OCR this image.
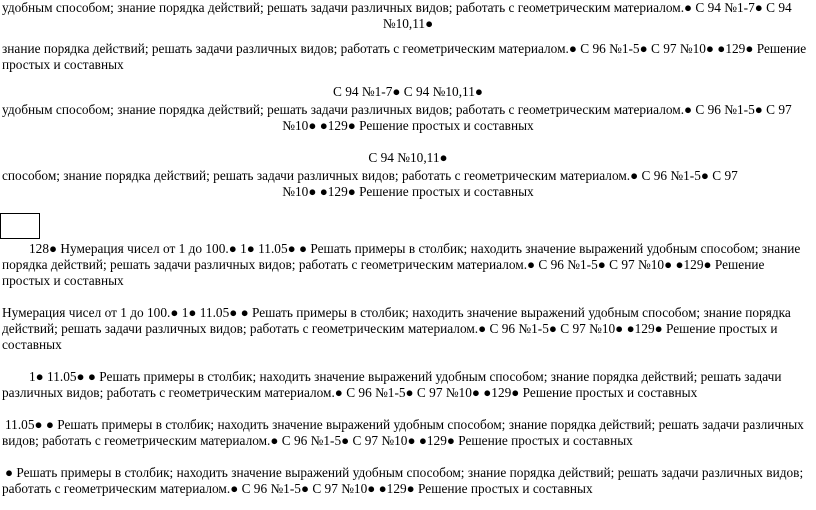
удобным способом; знание порядка действий; решать задачи различных видов; работать с геометрическим материалом.● С 94 №1-7● С 94
№10,11●
знание порядка действий; решать задачи различных видов; работать с геометрическим материалом.● С 96 №1-5● С 97 №10● ●129● Решение
простых и составных
С 94 №1-7● С 94 №10,11●
удобным способом; знание порядка действий; решать задачи различных видов; работать с геометрическим материалом.● С 96 №1-5● С 97
№10● ●129● Решение простых и составных
С 94 №10,11●
способом; знание порядка действий; решать задачи различных видов; работать с геометрическим материалом.● С 96 №1-5● С 97
№10● ●129● Решение простых и составных
128● Нумерация чисел от 1 до 100.● 1● 11.05● ● Решать примеры в столбик; находить значение выражений удобным способом; знание
порядка действий; решать задачи различных видов; работать с геометрическим материалом.● С 96 №1-5● С 97 №10● ●129● Решение
простых и составных
Нумерация чисел от 1 до 100.● 1● 11.05● ● Решать примеры в столбик; находить значение выражений удобным способом; знание порядка
действий; решать задачи различных видов; работать с геометрическим материалом.● С 96 №1-5● С 97 №10● ●129● Решение простых и
составных
1● 11.05● ● Решать примеры в столбик; находить значение выражений удобным способом; знание порядка действий; решать задачи
различных видов; работать с геометрическим материалом.● С 96 №1-5● С 97 №10● ●129● Решение простых и составных
11.05● ● Решать примеры в столбик; находить значение выражений удобным способом; знание порядка действий; решать задачи различных
видов; работать с геометрическим материалом.● С 96 №1-5● С 97 №10● ●129● Решение простых и составных
● Решать примеры в столбик; находить значение выражений удобным способом; знание порядка действий; решать задачи различных видов;
работать с геометрическим материалом.● С 96 №1-5● С 97 №10● ●129● Решение простых и составных
